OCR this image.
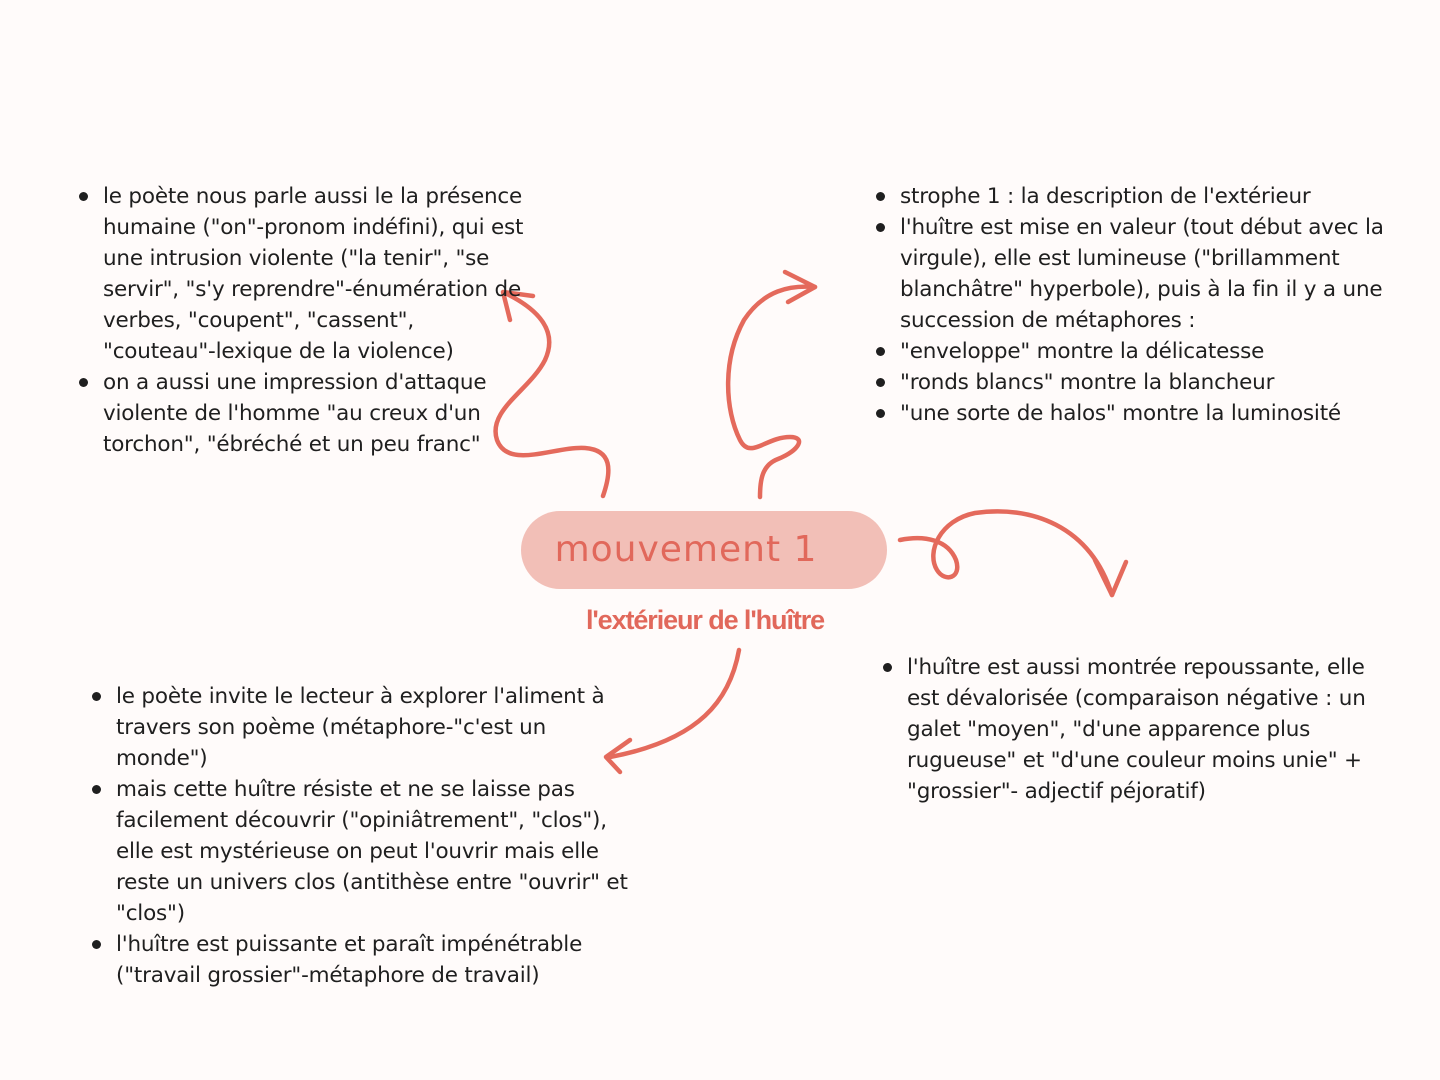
le poète nous parle aussi le la présence humaine ("on"-pronom indéfini), qui est une intrusion violente ("la tenir", "se servir", "s'y reprendre"-énumération de verbes, "coupent", "cassent", "couteau"-lexique de la violence)
on a aussi une impression d'attaque violente de l'homme "au creux d'un torchon", "ébréché et un peu franc"
strophe 1 : la description de l'extérieur
l'huître est mise en valeur (tout début avec la virgule), elle est lumineuse ("brillamment blanchâtre" hyperbole), puis à la fin il y a une succession de métaphores :
"enveloppe" montre la délicatesse
"ronds blancs" montre la blancheur
"une sorte de halos" montre la luminosité
mouvement 1
l'extérieur de l'huître
le poète invite le lecteur à explorer l'aliment à travers son poème (métaphore-"c'est un monde")
mais cette huître résiste et ne se laisse pas facilement découvrir ("opiniâtrement", "clos"), elle est mystérieuse on peut l'ouvrir mais elle reste un univers clos (antithèse entre "ouvrir" et "clos")
l'huître est puissante et paraît impénétrable ("travail grossier"-métaphore de travail)
l'huître est aussi montrée repoussante, elle est dévalorisée (comparaison négative : un galet "moyen", "d'une apparence plus rugueuse" et "d'une couleur moins unie" + "grossier"- adjectif péjoratif)
